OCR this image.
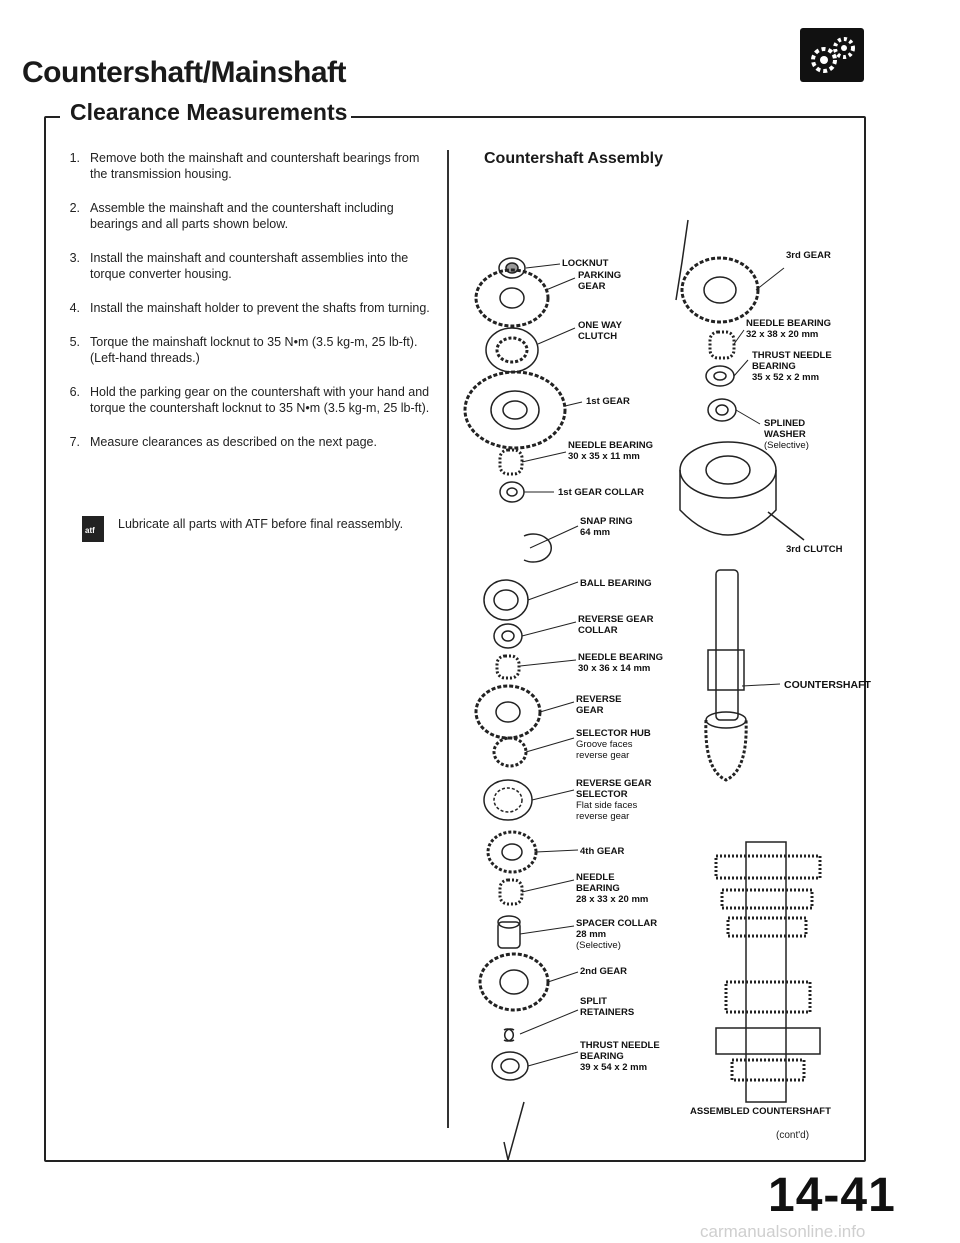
Countershaft/Mainshaft
Clearance Measurements
1. Remove both the mainshaft and countershaft bearings from the transmission housing.
2. Assemble the mainshaft and the countershaft including bearings and all parts shown below.
3. Install the mainshaft and countershaft assemblies into the torque converter housing.
4. Install the mainshaft holder to prevent the shafts from turning.
5. Torque the mainshaft locknut to 35 N•m (3.5 kg-m, 25 lb-ft). (Left-hand threads.)
6. Hold the parking gear on the countershaft with your hand and torque the countershaft locknut to 35 N•m (3.5 kg-m, 25 lb-ft).
7. Measure clearances as described on the next page.
atf Lubricate all parts with ATF before final reassembly.
Countershaft Assembly
LOCKNUT
PARKING
GEAR
ONE WAY
CLUTCH
1st GEAR
NEEDLE BEARING
30 x 35 x 11 mm
1st GEAR COLLAR
SNAP RING
64 mm
BALL BEARING
REVERSE GEAR
COLLAR
NEEDLE BEARING
30 x 36 x 14 mm
REVERSE
GEAR
SELECTOR HUB
Groove faces
reverse gear
REVERSE GEAR
SELECTOR
Flat side faces
reverse gear
4th GEAR
NEEDLE
BEARING
28 x 33 x 20 mm
SPACER COLLAR
28 mm
(Selective)
2nd GEAR
SPLIT
RETAINERS
THRUST NEEDLE
BEARING
39 x 54 x 2 mm
3rd GEAR
NEEDLE BEARING
32 x 38 x 20 mm
THRUST NEEDLE
BEARING
35 x 52 x 2 mm
SPLINED
WASHER
(Selective)
3rd CLUTCH
COUNTERSHAFT
ASSEMBLED COUNTERSHAFT
(cont'd)
14-41
carmanualsonline.info
